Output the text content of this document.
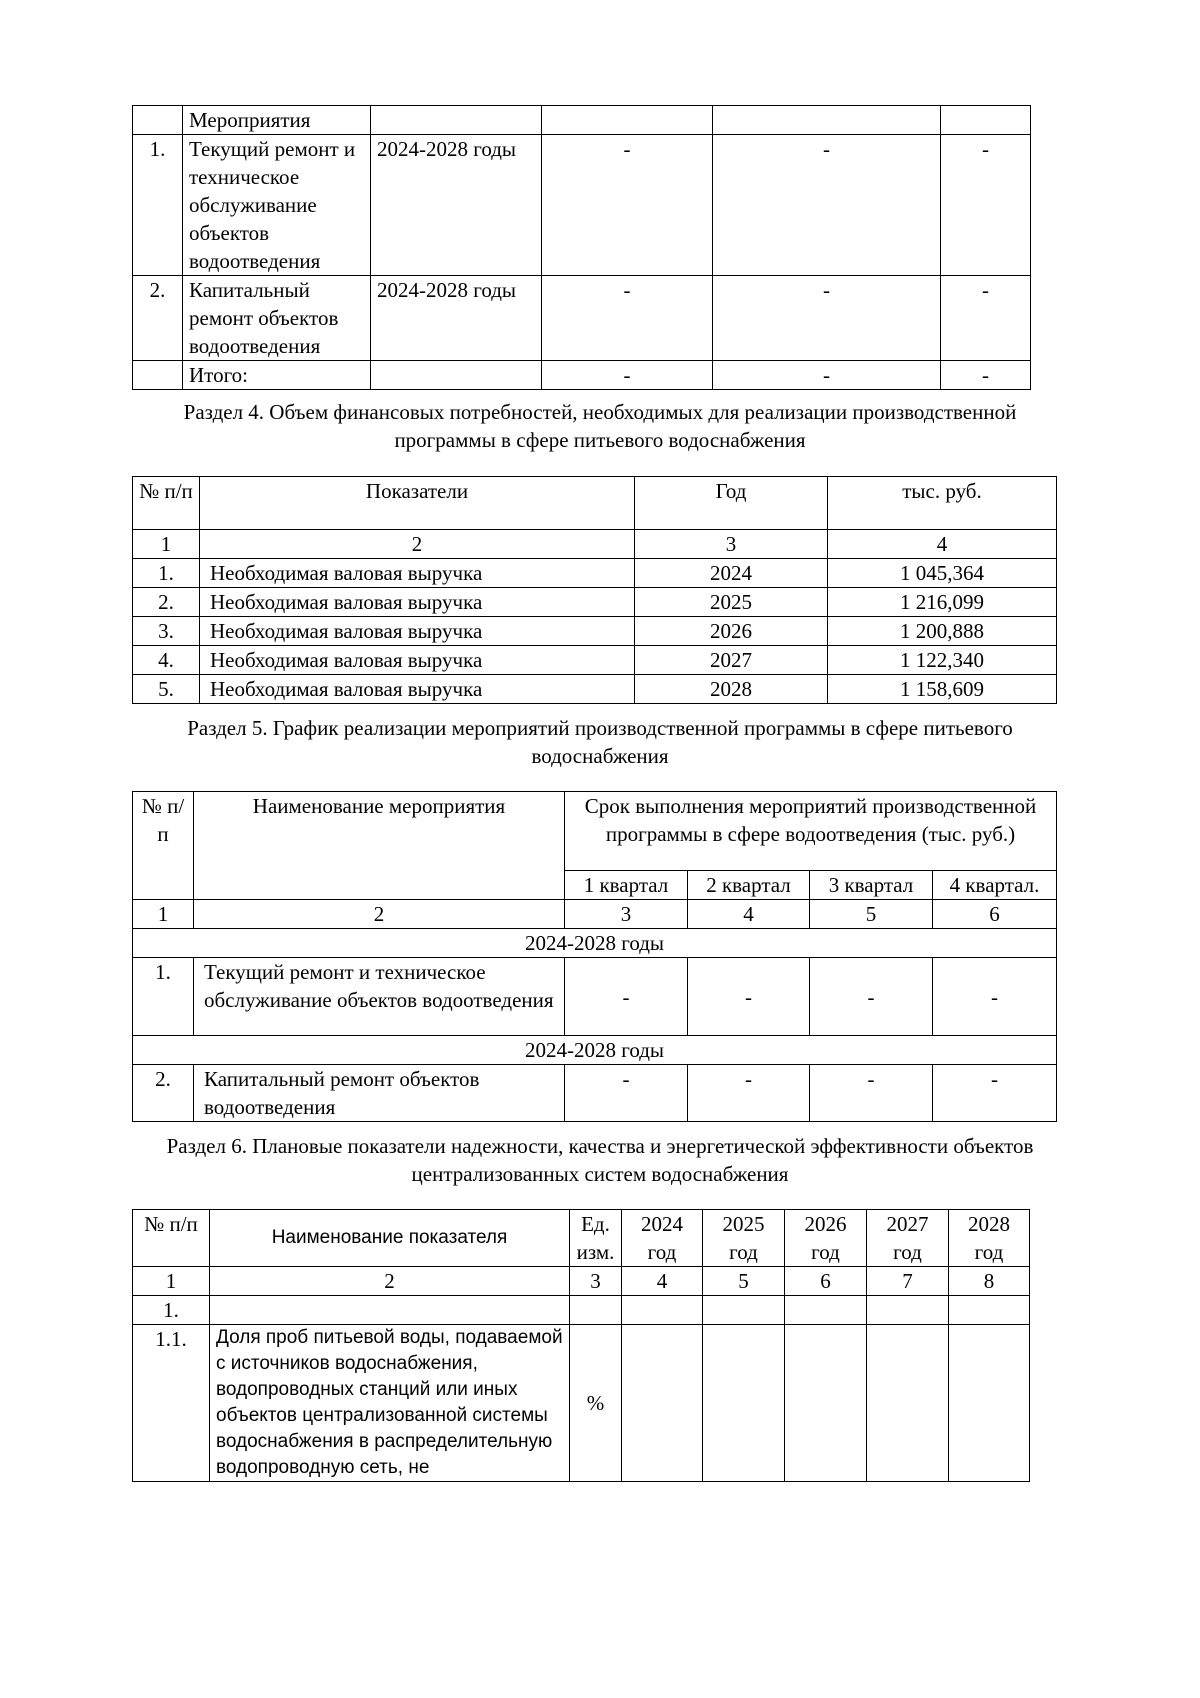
	Мероприятия				
1.	Текущий ремонт и техническое обслуживание объектов водоотведения	2024-2028 годы	-	-	-
2.	Капитальный ремонт объектов водоотведения	2024-2028 годы	-	-	-
	Итого:		-	-	-
Раздел 4. Объем финансовых потребностей, необходимых для реализации производственной программы в сфере питьевого водоснабжения
№ п/п	Показатели	Год	тыс. руб.
1	2	3	4
1.	Необходимая валовая выручка	2024	1 045,364
2.	Необходимая валовая выручка	2025	1 216,099
3.	Необходимая валовая выручка	2026	1 200,888
4.	Необходимая валовая выручка	2027	1 122,340
5.	Необходимая валовая выручка	2028	1 158,609
Раздел 5. График реализации мероприятий производственной программы в сфере питьевого водоснабжения
№ п/п	Наименование мероприятия	Срок выполнения мероприятий производственной программы в сфере водоотведения (тыс. руб.)			
		1 квартал	2 квартал	3 квартал	4 квартал.
1	2	3	4	5	6
2024-2028 годы					
1.	Текущий ремонт и техническое обслуживание объектов водоотведения	-	-	-	-
2024-2028 годы					
2.	Капитальный ремонт объектов водоотведения	-	-	-	-
Раздел 6. Плановые показатели надежности, качества и энергетической эффективности объектов централизованных систем водоснабжения
№ п/п	Наименование показателя	Ед. изм.	2024 год	2025 год	2026 год	2027 год	2028 год
1	2	3	4	5	6	7	8
1.							
1.1.	Доля проб питьевой воды, подаваемой с источников водоснабжения, водопроводных станций или иных объектов централизованной системы водоснабжения в распределительную водопроводную сеть, не	%					
